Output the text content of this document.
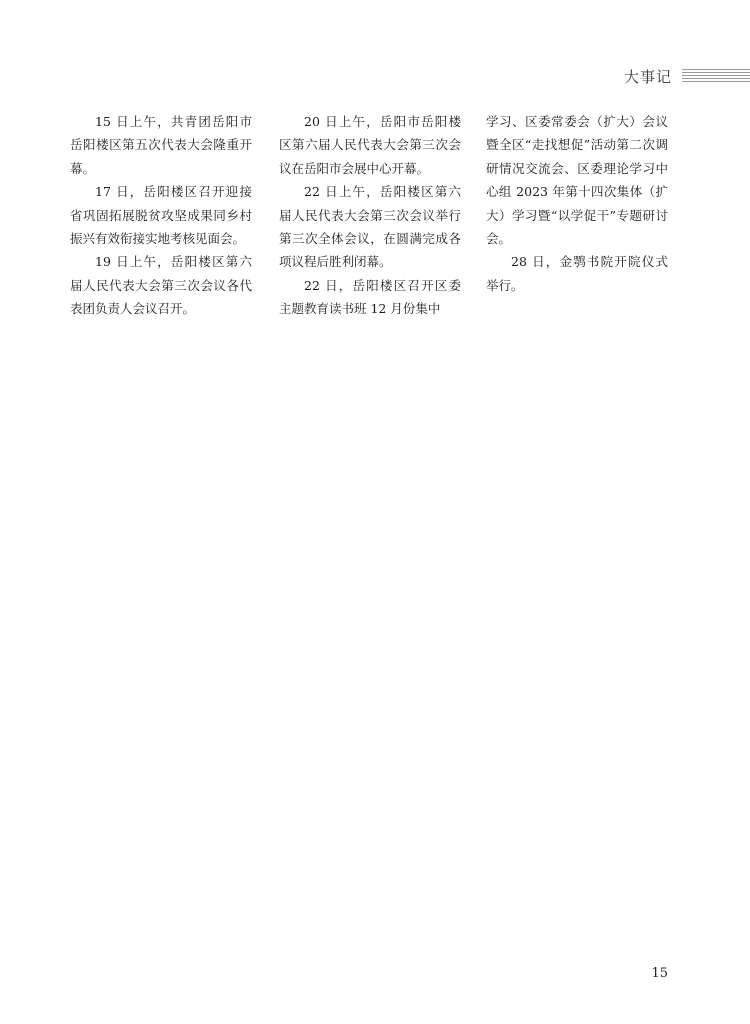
大事记

15 日上午，共青团岳阳市岳阳楼区第五次代表大会隆重开幕。

17 日，岳阳楼区召开迎接省巩固拓展脱贫攻坚成果同乡村振兴有效衔接实地考核见面会。

19 日上午，岳阳楼区第六届人民代表大会第三次会议各代表团负责人会议召开。

20 日上午，岳阳市岳阳楼区第六届人民代表大会第三次会议在岳阳市会展中心开幕。

22 日上午，岳阳楼区第六届人民代表大会第三次会议举行第三次全体会议，在圆满完成各项议程后胜利闭幕。

22 日，岳阳楼区召开区委主题教育读书班 12 月份集中

学习、区委常委会（扩大）会议暨全区“走找想促”活动第二次调研情况交流会、区委理论学习中心组 2023 年第十四次集体（扩大）学习暨“以学促干”专题研讨会。

28 日，金鹗书院开院仪式举行。

15
